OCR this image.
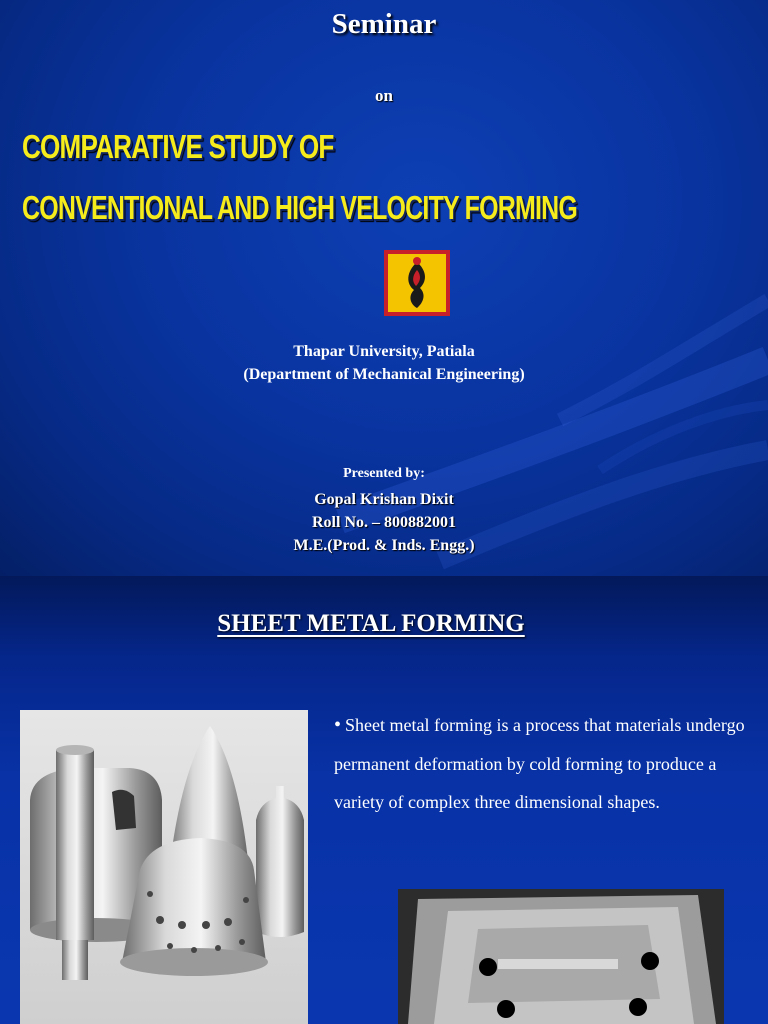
Seminar
on
COMPARATIVE STUDY OF
CONVENTIONAL AND HIGH VELOCITY FORMING
Thapar University, Patiala
(Department of Mechanical Engineering)
Presented by:
Gopal Krishan Dixit
Roll No. – 800882001
M.E.(Prod. & Inds. Engg.)
SHEET METAL FORMING
• Sheet metal forming is a process that materials undergo permanent deformation by cold forming to produce a variety of complex three dimensional shapes.
